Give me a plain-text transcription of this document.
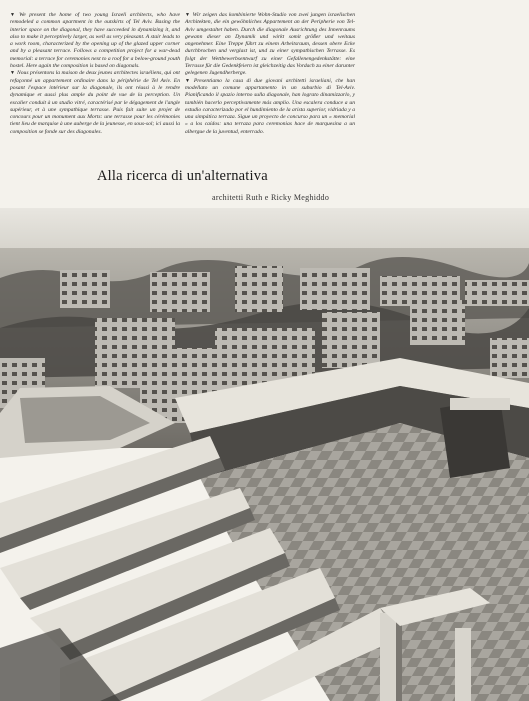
▼ We present the home of two young Israeli architects, who have remodeled a common apartment in the outskirts of Tel Aviv. Basing the interior space on the diagonal, they have succeeded in dynamizing it, and also to make it perceptively larger, as well as very pleasant. A stair leads to a work room, characterized by the opening up of the glazed upper corner and by a pleasant terrace. Follows a competition project for a war-dead memorial: a terrace for ceremonies next to a roof for a below-ground youth hostel. Here again the composition is based on diagonals.

▼ Nous présentons la maison de deux jeunes architectes israéliens, qui ont refaçonné un appartement ordinaire dans la périphérie de Tel Aviv. En posant l'espace intérieur sur la diagonale, ils ont réussi à le rendre dynamique et aussi plus ample du point de vue de la perception. Un escalier conduit à un studio vitré, caractérisé par le dégagement de l'angle supérieur, et à une sympathique terrasse. Puis fait suite un projet de concours pour un monument aux Morts: une terrasse pour les cérémonies tient lieu de marquise à une auberge de la jeunesse, en sous-sol; ici aussi la composition se fonde sur des diagonales.

▼ Wir zeigen das kombinierte Wohn-Studio von zwei jungen israelischen Architekten, die ein gewöhnliches Appartement an der Peripherie von Tel-Aviv umgestaltet haben. Durch die diagonale Ausrichtung des Innenraums gewann dieser an Dynamik und wirkt somit größer und weitaus angenehmer. Eine Treppe führt zu einem Arbeitsraum, dessen obere Ecke durchbrochen und verglast ist, und zu einer sympathischen Terrasse. Es folgt der Wettbewerbsentwurf zu einer Gefallenengedenkstätte: eine Terrasse für die Gedenkfeiern ist gleichzeitig das Vordach zu einer darunter gelegenen Jugendherberge.

▼ Presentiamo la casa di due giovani architetti israeliani, che han modellato un comune appartamento in un suburbio di Tel-Aviv. Pianificando il spazio interno sulla diagonale, han lograto dinamizzarlo, y también hacerlo perceptivamente más amplio. Una escalera conduce a un estudio caracterizado por el hundimiento de la arista superior, vidriada y a una simpática terraza. Sigue un proyecto de concurso para un « memorial » a los caídos: una terraza para ceremonias hace de marquesina a un albergue de la juventud, enterrado.

Alla ricerca di un'alternativa
architetti Ruth e Ricky Meghiddo
